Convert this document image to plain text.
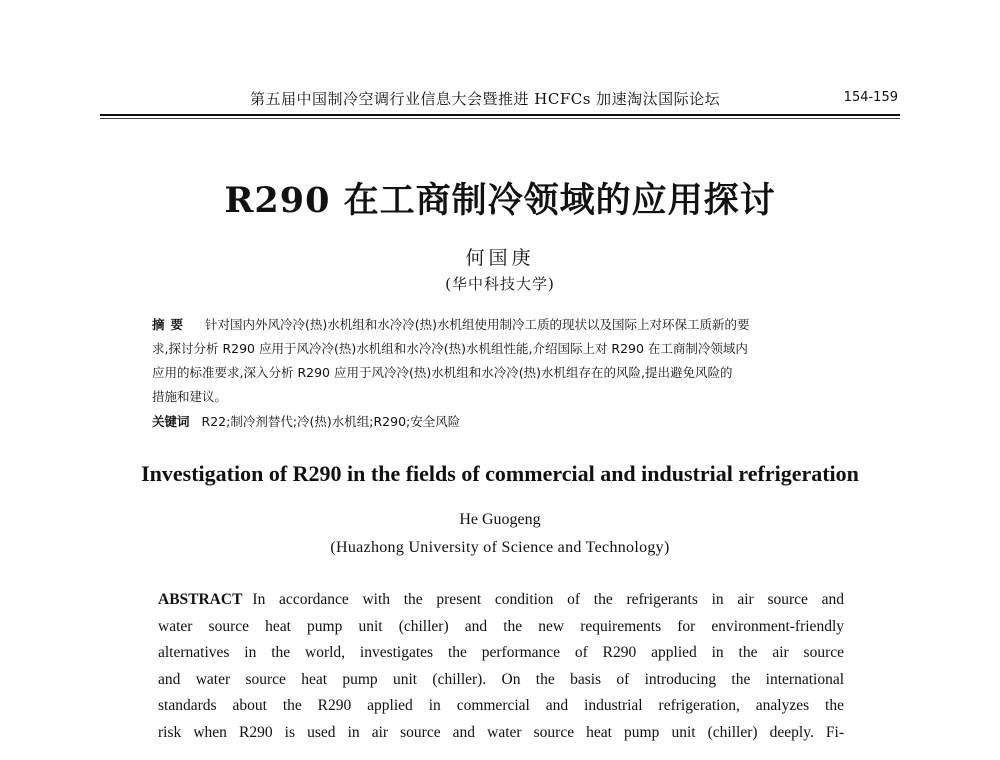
第五届中国制冷空调行业信息大会暨推进 HCFCs 加速淘汰国际论坛	154-159
R290 在工商制冷领域的应用探讨
何国庚
(华中科技大学)
摘要 针对国内外风冷冷(热)水机组和水冷冷(热)水机组使用制冷工质的现状以及国际上对环保工质新的要
求,探讨分析 R290 应用于风冷冷(热)水机组和水冷冷(热)水机组性能,介绍国际上对 R290 在工商制冷领域内
应用的标准要求,深入分析 R290 应用于风冷冷(热)水机组和水冷冷(热)水机组存在的风险,提出避免风险的
措施和建议。
关键词 R22;制冷剂替代;冷(热)水机组;R290;安全风险
Investigation of R290 in the fields of commercial and industrial refrigeration
He Guogeng
(Huazhong University of Science and Technology)
ABSTRACT In accordance with the present condition of the refrigerants in air source and
water source heat pump unit (chiller) and the new requirements for environment-friendly
alternatives in the world, investigates the performance of R290 applied in the air source
and water source heat pump unit (chiller). On the basis of introducing the international
standards about the R290 applied in commercial and industrial refrigeration, analyzes the
risk when R290 is used in air source and water source heat pump unit (chiller) deeply. Fi-
